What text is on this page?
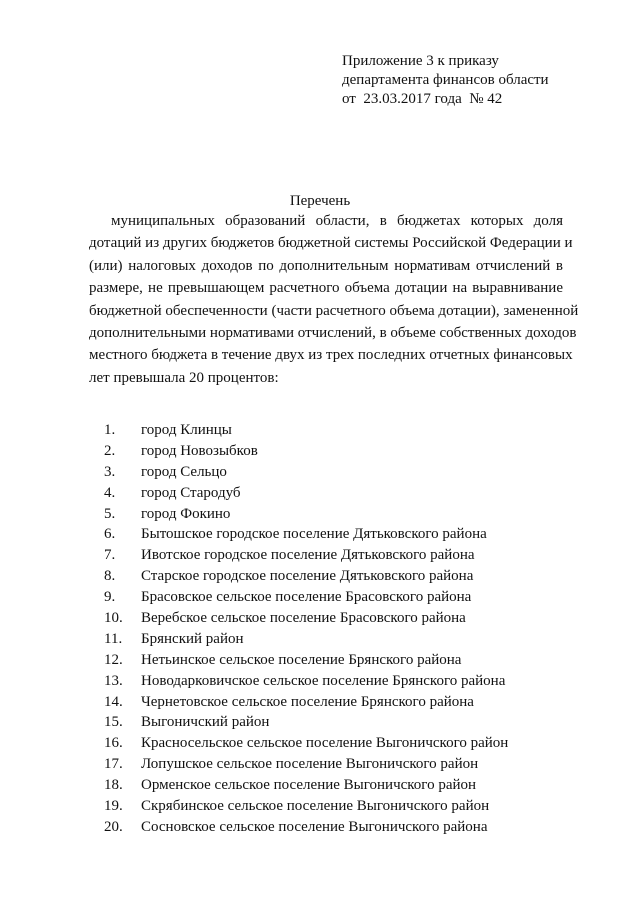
Приложение 3 к приказу
департамента финансов области
от  23.03.2017 года  № 42
Перечень
муниципальных образований области, в бюджетах которых доля
дотаций из других бюджетов бюджетной системы Российской Федерации и
(или) налоговых доходов по дополнительным нормативам отчислений в
размере, не превышающем расчетного объема дотации на выравнивание
бюджетной обеспеченности (части расчетного объема дотации), замененной
дополнительными нормативами отчислений, в объеме собственных доходов
местного бюджета в течение двух из трех последних отчетных финансовых
лет превышала 20 процентов:
1. город Клинцы
2. город Новозыбков
3. город Сельцо
4. город Стародуб
5. город Фокино
6. Бытошское городское поселение Дятьковского района
7. Ивотское городское поселение Дятьковского района
8. Старское городское поселение Дятьковского района
9. Брасовское сельское поселение Брасовского района
10. Веребское сельское поселение Брасовского района
11. Брянский район
12. Нетьинское сельское поселение Брянского района
13. Новодарковичское сельское поселение Брянского района
14. Чернетовское сельское поселение Брянского района
15. Выгоничский район
16. Красносельское сельское поселение Выгоничского район
17. Лопушское сельское поселение Выгоничского район
18. Орменское сельское поселение Выгоничского район
19. Скрябинское сельское поселение Выгоничского район
20. Сосновское сельское поселение Выгоничского района
